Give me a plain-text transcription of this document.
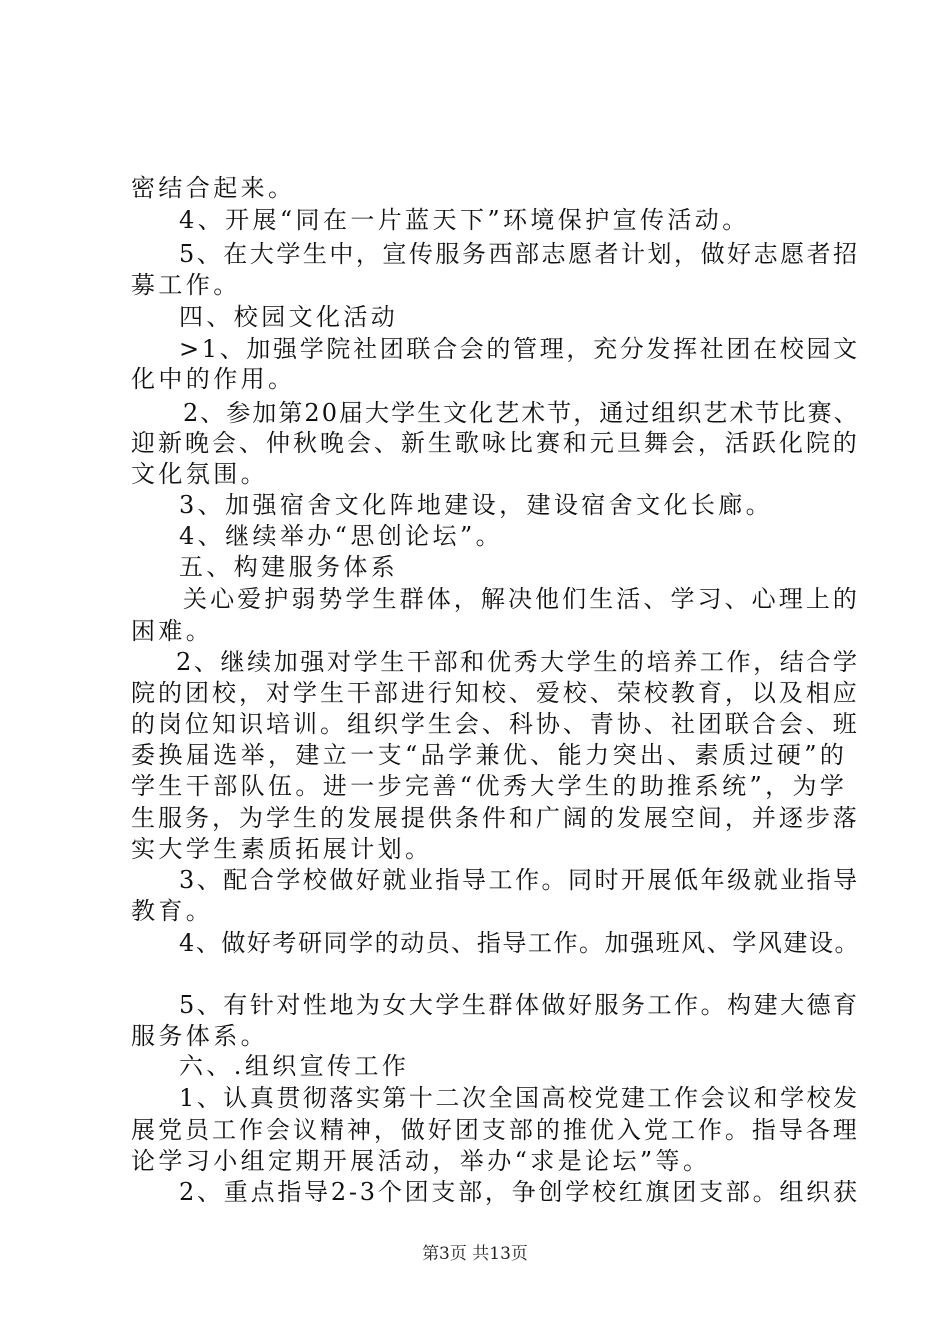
密结合起来。
4、开展“同在一片蓝天下”环境保护宣传活动。
5、在大学生中，宣传服务西部志愿者计划，做好志愿者招
募工作。
四、校园文化活动
>1、加强学院社团联合会的管理，充分发挥社团在校园文
化中的作用。
2、参加第20届大学生文化艺术节，通过组织艺术节比赛、
迎新晚会、仲秋晚会、新生歌咏比赛和元旦舞会，活跃化院的
文化氛围。
3、加强宿舍文化阵地建设，建设宿舍文化长廊。
4、继续举办“思创论坛”。
五、构建服务体系
关心爱护弱势学生群体，解决他们生活、学习、心理上的
困难。
2、继续加强对学生干部和优秀大学生的培养工作，结合学
院的团校，对学生干部进行知校、爱校、荣校教育，以及相应
的岗位知识培训。组织学生会、科协、青协、社团联合会、班
委换届选举，建立一支“品学兼优、能力突出、素质过硬”的
学生干部队伍。进一步完善“优秀大学生的助推系统”，为学
生服务，为学生的发展提供条件和广阔的发展空间，并逐步落
实大学生素质拓展计划。
3、配合学校做好就业指导工作。同时开展低年级就业指导
教育。
4、做好考研同学的动员、指导工作。加强班风、学风建设。
5、有针对性地为女大学生群体做好服务工作。构建大德育
服务体系。
六、.组织宣传工作
1、认真贯彻落实第十二次全国高校党建工作会议和学校发
展党员工作会议精神，做好团支部的推优入党工作。指导各理
论学习小组定期开展活动，举办“求是论坛”等。
2、重点指导2-3个团支部，争创学校红旗团支部。组织获
第3页 共13页
